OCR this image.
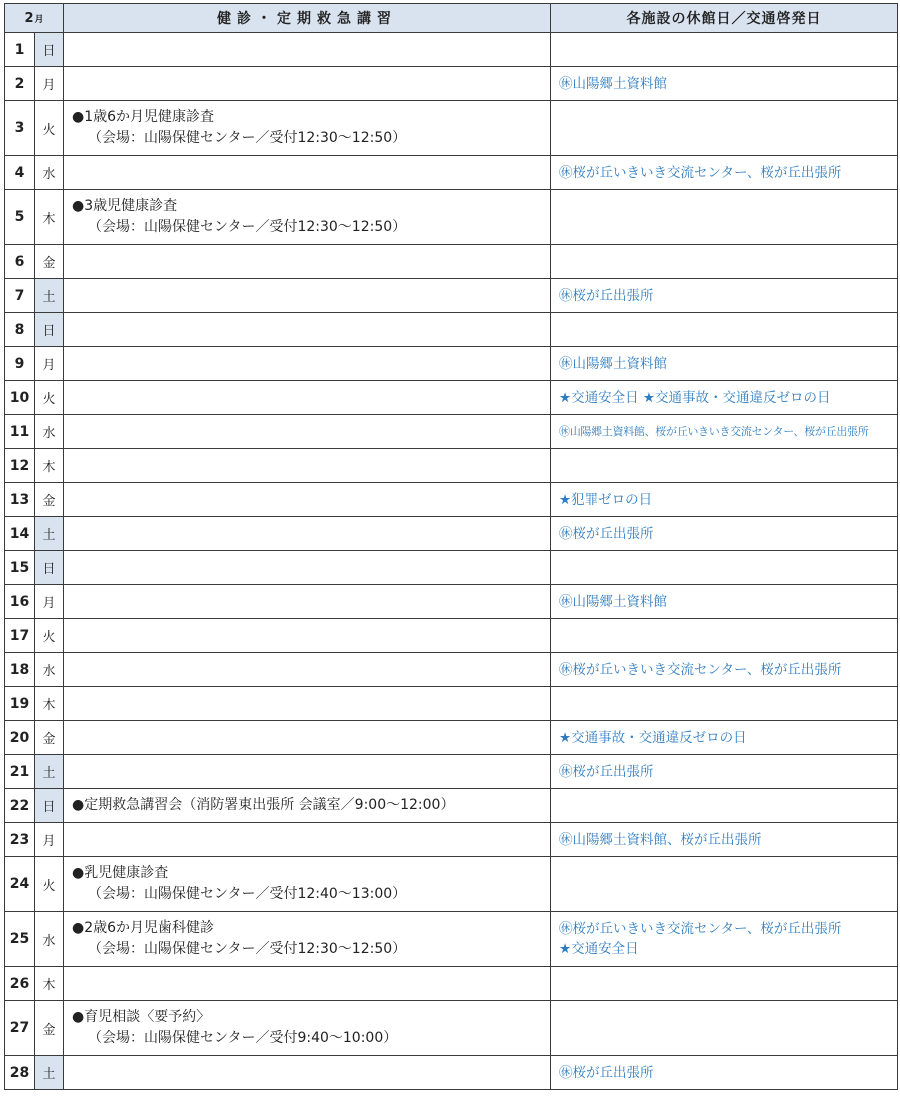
2月		健診・定期救急講習	各施設の休館日／交通啓発日
1	日		
2	月		㊡山陽郷土資料館

3	火	●1歳6か月児健康診査
（会場：山陽保健センター／受付12:30〜12:50）	

4	水		㊡桜が丘いきいき交流センター、桜が丘出張所

5	木	●3歳児健康診査
（会場：山陽保健センター／受付12:30〜12:50）	

6	金		
7	土		㊡桜が丘出張所

8	日		
9	月		㊡山陽郷土資料館

10	火		★交通安全日 ★交通事故・交通違反ゼロの日

11	水		㊡山陽郷土資料館、桜が丘いきいき交流センター、桜が丘出張所

12	木		
13	金		★犯罪ゼロの日

14	土		㊡桜が丘出張所

15	日		
16	月		㊡山陽郷土資料館

17	火		
18	水		㊡桜が丘いきいき交流センター、桜が丘出張所

19	木		
20	金		★交通事故・交通違反ゼロの日

21	土		㊡桜が丘出張所

22	日	●定期救急講習会（消防署東出張所 会議室／9:00〜12:00）	

23	月		㊡山陽郷土資料館、桜が丘出張所

24	火	●乳児健康診査
（会場：山陽保健センター／受付12:40〜13:00）	

25	水	●2歳6か月児歯科健診
（会場：山陽保健センター／受付12:30〜12:50）	㊡桜が丘いきいき交流センター、桜が丘出張所
★交通安全日

26	木		
27	金	●育児相談〈要予約〉
（会場：山陽保健センター／受付9:40〜10:00）	

28	土		㊡桜が丘出張所
